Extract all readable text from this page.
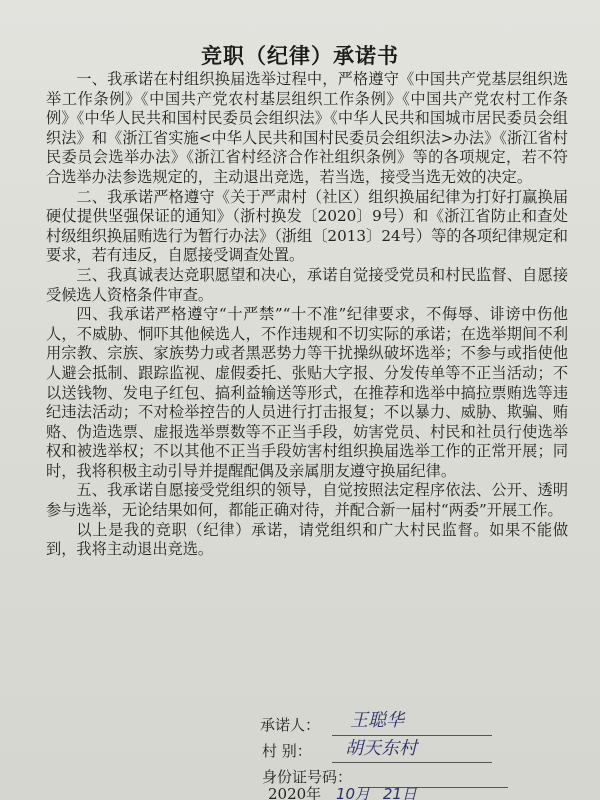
竞职（纪律）承诺书

一、我承诺在村组织换届选举过程中，严格遵守《中国共产党基层组织选举工作条例》《中国共产党农村基层组织工作条例》《中国共产党农村工作条例》《中华人民共和国村民委员会组织法》《中华人民共和国城市居民委员会组织法》和《浙江省实施<中华人民共和国村民委员会组织法>办法》《浙江省村民委员会选举办法》《浙江省村经济合作社组织条例》等的各项规定，若不符合选举办法参选规定的，主动退出竞选，若当选，接受当选无效的决定。

二、我承诺严格遵守《关于严肃村（社区）组织换届纪律为打好打赢换届硬仗提供坚强保证的通知》（浙村换发〔2020〕9号）和《浙江省防止和查处村级组织换届贿选行为暂行办法》（浙组〔2013〕24号）等的各项纪律规定和要求，若有违反，自愿接受调查处置。

三、我真诚表达竞职愿望和决心，承诺自觉接受党员和村民监督、自愿接受候选人资格条件审查。

四、我承诺严格遵守“十严禁”“十不准”纪律要求，不侮辱、诽谤中伤他人，不威胁、恫吓其他候选人，不作违规和不切实际的承诺；在选举期间不利用宗教、宗族、家族势力或者黑恶势力等干扰操纵破坏选举；不参与或指使他人避会抵制、跟踪监视、虚假委托、张贴大字报、分发传单等不正当活动；不以送钱物、发电子红包、搞利益输送等形式，在推荐和选举中搞拉票贿选等违纪违法活动；不对检举控告的人员进行打击报复；不以暴力、威胁、欺骗、贿赂、伪造选票、虚报选举票数等不正当手段，妨害党员、村民和社员行使选举权和被选举权；不以其他不正当手段妨害村组织换届选举工作的正常开展；同时，我将积极主动引导并提醒配偶及亲属朋友遵守换届纪律。

五、我承诺自愿接受党组织的领导，自觉按照法定程序依法、公开、透明参与选举，无论结果如何，都能正确对待，并配合新一届村“两委”开展工作。

以上是我的竞职（纪律）承诺，请党组织和广大村民监督。如果不能做到，我将主动退出竞选。

承诺人： 王聪华
村 别： 胡天东村
身份证号码：
2020年 10月 21日
